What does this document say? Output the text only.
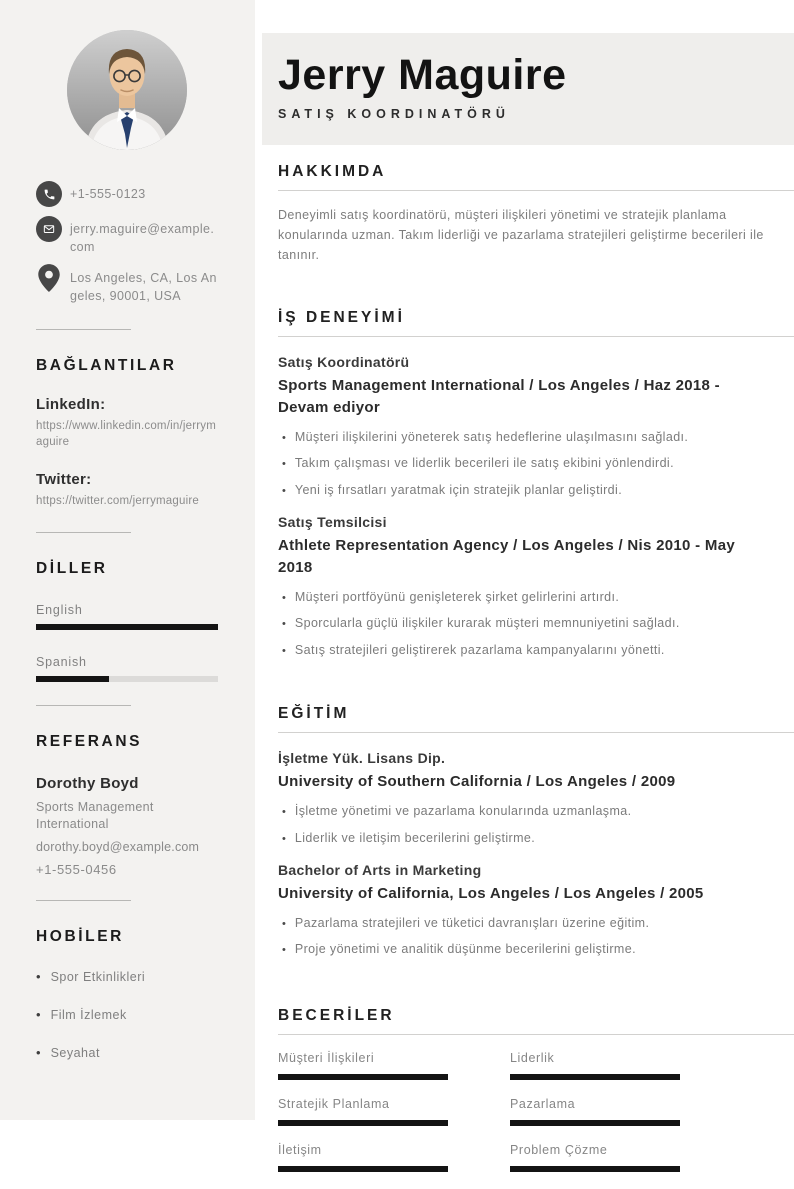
+1-555-0123
jerry.maguire@example.com
Los Angeles, CA, Los Angeles, 90001, USA
BAĞLANTILAR
LinkedIn:
https://www.linkedin.com/in/jerrymaguire
Twitter:
https://twitter.com/jerrymaguire
DİLLER
English
Spanish
REFERANS
Dorothy Boyd
Sports Management International
dorothy.boyd@example.com
+1-555-0456
HOBİLER
• Spor Etkinlikleri
• Film İzlemek
• Seyahat
Jerry Maguire
SATIŞ KOORDINATÖRÜ
HAKKIMDA

Deneyimli satış koordinatörü, müşteri ilişkileri yönetimi ve stratejik planlama konularında uzman. Takım liderliği ve pazarlama stratejileri geliştirme becerileri ile tanınır.

İŞ DENEYİMİ
Satış Koordinatörü
Sports Management International / Los Angeles / Haz 2018 - Devam ediyor
• Müşteri ilişkilerini yöneterek satış hedeflerine ulaşılmasını sağladı.
• Takım çalışması ve liderlik becerileri ile satış ekibini yönlendirdi.
• Yeni iş fırsatları yaratmak için stratejik planlar geliştirdi.
Satış Temsilcisi
Athlete Representation Agency / Los Angeles / Nis 2010 - May 2018
• Müşteri portföyünü genişleterek şirket gelirlerini artırdı.
• Sporcularla güçlü ilişkiler kurarak müşteri memnuniyetini sağladı.
• Satış stratejileri geliştirerek pazarlama kampanyalarını yönetti.
EĞİTİM
İşletme Yük. Lisans Dip.
University of Southern California / Los Angeles / 2009
• İşletme yönetimi ve pazarlama konularında uzmanlaşma.
• Liderlik ve iletişim becerilerini geliştirme.
Bachelor of Arts in Marketing
University of California, Los Angeles / Los Angeles / 2005
• Pazarlama stratejileri ve tüketici davranışları üzerine eğitim.
• Proje yönetimi ve analitik düşünme becerilerini geliştirme.
BECERİLER
Müşteri İlişkileri	Liderlik
Stratejik Planlama	Pazarlama
İletişim	Problem Çözme
